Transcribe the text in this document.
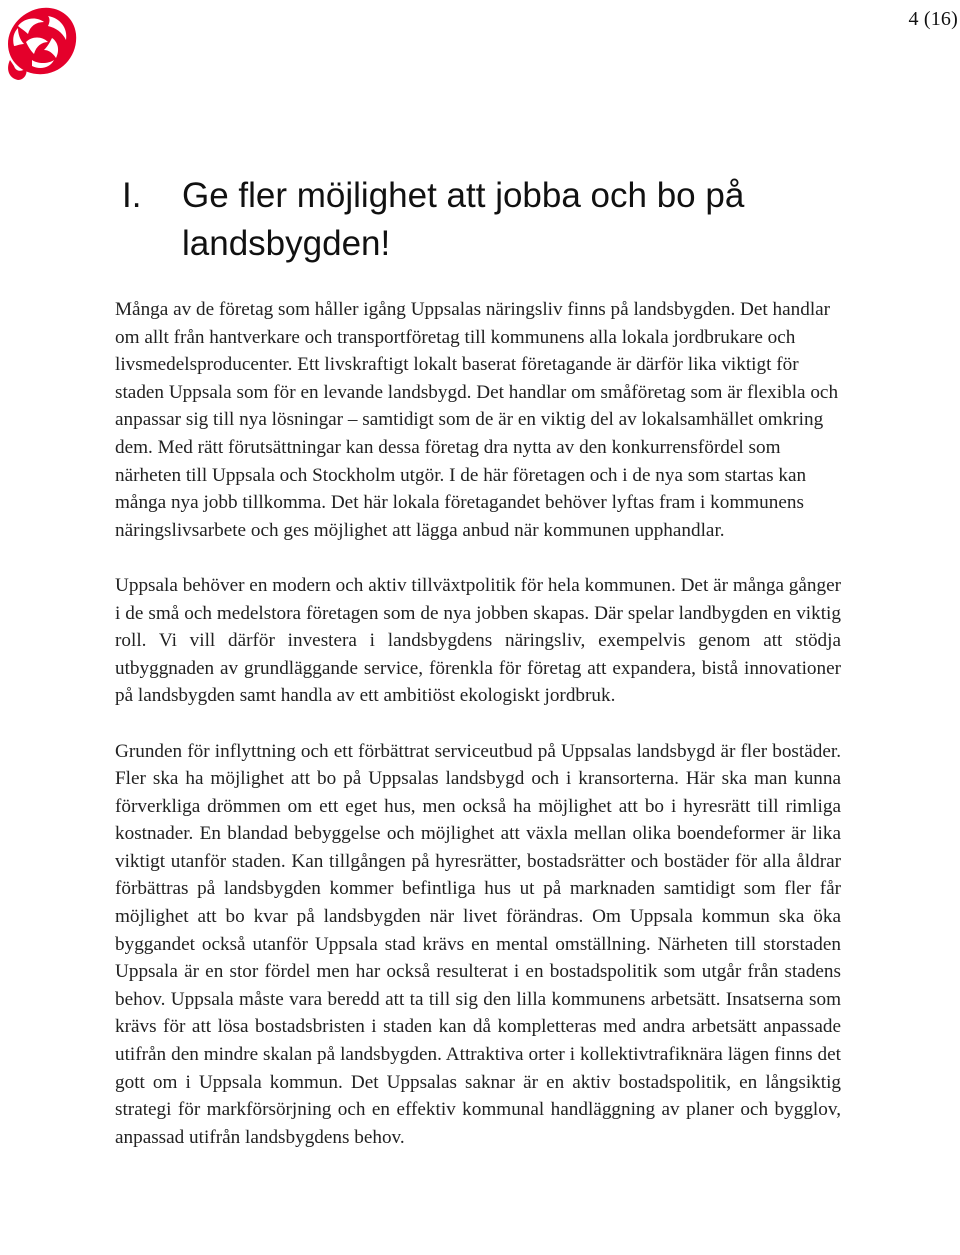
4 (16)
I. Ge fler möjlighet att jobba och bo på landsbygden!

Många av de företag som håller igång Uppsalas näringsliv finns på landsbygden. Det handlar om allt från hantverkare och transportföretag till kommunens alla lokala jordbrukare och livsmedelsproducenter. Ett livskraftigt lokalt baserat företagande är därför lika viktigt för staden Uppsala som för en levande landsbygd. Det handlar om småföretag som är flexibla och anpassar sig till nya lösningar – samtidigt som de är en viktig del av lokalsamhället omkring dem. Med rätt förutsättningar kan dessa företag dra nytta av den konkurrensfördel som närheten till Uppsala och Stockholm utgör. I de här företagen och i de nya som startas kan många nya jobb tillkomma. Det här lokala företagandet behöver lyftas fram i kommunens näringslivsarbete och ges möjlighet att lägga anbud när kommunen upphandlar.

Uppsala behöver en modern och aktiv tillväxtpolitik för hela kommunen. Det är många gånger i de små och medelstora företagen som de nya jobben skapas. Där spelar landbygden en viktig roll. Vi vill därför investera i landsbygdens näringsliv, exempelvis genom att stödja utbyggnaden av grundläggande service, förenkla för företag att expandera, bistå innovationer på landsbygden samt handla av ett ambitiöst ekologiskt jordbruk.

Grunden för inflyttning och ett förbättrat serviceutbud på Uppsalas landsbygd är fler bostäder. Fler ska ha möjlighet att bo på Uppsalas landsbygd och i kransorterna. Här ska man kunna förverkliga drömmen om ett eget hus, men också ha möjlighet att bo i hyresrätt till rimliga kostnader. En blandad bebyggelse och möjlighet att växla mellan olika boendeformer är lika viktigt utanför staden. Kan tillgången på hyresrätter, bostadsrätter och bostäder för alla åldrar förbättras på landsbygden kommer befintliga hus ut på marknaden samtidigt som fler får möjlighet att bo kvar på landsbygden när livet förändras. Om Uppsala kommun ska öka byggandet också utanför Uppsala stad krävs en mental omställning. Närheten till storstaden Uppsala är en stor fördel men har också resulterat i en bostadspolitik som utgår från stadens behov. Uppsala måste vara beredd att ta till sig den lilla kommunens arbetsätt. Insatserna som krävs för att lösa bostadsbristen i staden kan då kompletteras med andra arbetsätt anpassade utifrån den mindre skalan på landsbygden. Attraktiva orter i kollektivtrafiknära lägen finns det gott om i Uppsala kommun. Det Uppsalas saknar är en aktiv bostadspolitik, en långsiktig strategi för markförsörjning och en effektiv kommunal handläggning av planer och bygglov, anpassad utifrån landsbygdens behov.
